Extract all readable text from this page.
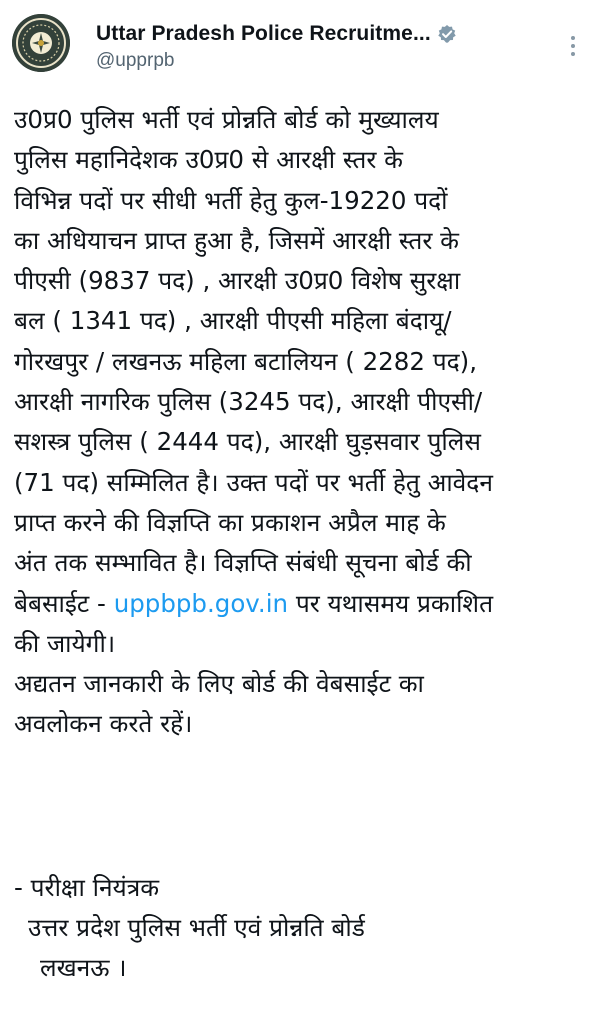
Uttar Pradesh Police Recruitme...
@upprpb
उ0प्र0 पुलिस भर्ती एवं प्रोन्नति बोर्ड को मुख्यालय
पुलिस महानिदेशक उ0प्र0 से आरक्षी स्तर के
विभिन्न पदों पर सीधी भर्ती हेतु कुल-19220 पदों
का अधियाचन प्राप्त हुआ है, जिसमें आरक्षी स्तर के
पीएसी (9837 पद) , आरक्षी उ0प्र0 विशेष सुरक्षा
बल ( 1341 पद) , आरक्षी पीएसी महिला बंदायू/
गोरखपुर / लखनऊ महिला बटालियन ( 2282 पद),
आरक्षी नागरिक पुलिस (3245 पद), आरक्षी पीएसी/
सशस्त्र पुलिस ( 2444 पद), आरक्षी घुड़सवार पुलिस
(71 पद) सम्मिलित है। उक्त पदों पर भर्ती हेतु आवेदन
प्राप्त करने की विज्ञप्ति का प्रकाशन अप्रैल माह के
अंत तक सम्भावित है। विज्ञप्ति संबंधी सूचना बोर्ड की
बेबसाईट - uppbpb.gov.in पर यथासमय प्रकाशित
की जायेगी।
अद्यतन जानकारी के लिए बोर्ड की वेबसाईट का
अवलोकन करते रहें।
- परीक्षा नियंत्रक
उत्तर प्रदेश पुलिस भर्ती एवं प्रोन्नति बोर्ड
लखनऊ ।
